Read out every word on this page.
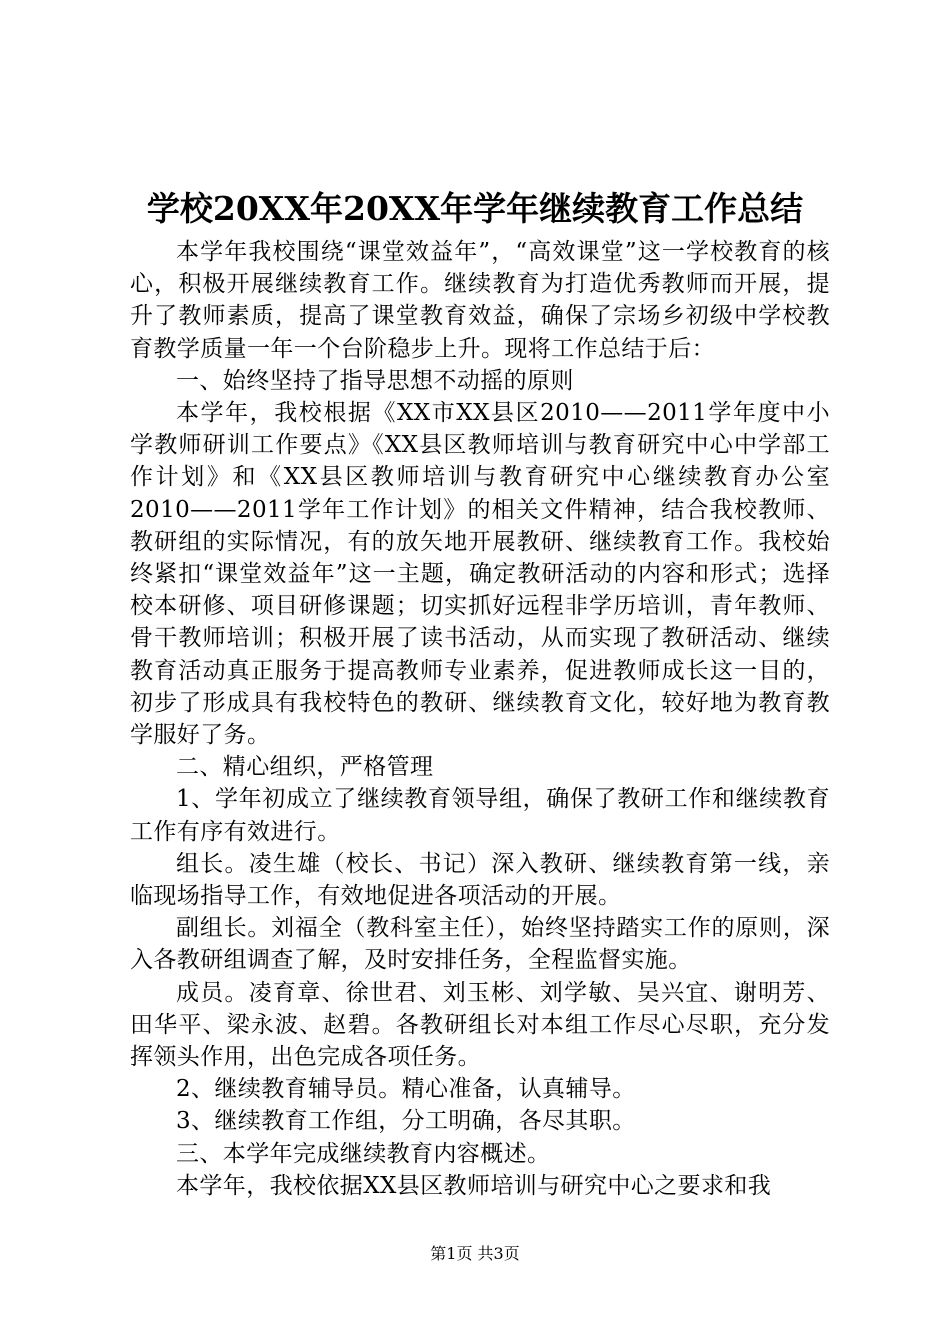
学校20XX年20XX年学年继续教育工作总结

本学年我校围绕“课堂效益年”，“高效课堂”这一学校教育的核心，积极开展继续教育工作。继续教育为打造优秀教师而开展，提升了教师素质，提高了课堂教育效益，确保了宗场乡初级中学校教育教学质量一年一个台阶稳步上升。现将工作总结于后：

一、始终坚持了指导思想不动摇的原则

本学年，我校根据《XX市XX县区2010——2011学年度中小学教师研训工作要点》《XX县区教师培训与教育研究中心中学部工作计划》和《XX县区教师培训与教育研究中心继续教育办公室2010——2011学年工作计划》的相关文件精神，结合我校教师、教研组的实际情况，有的放矢地开展教研、继续教育工作。我校始终紧扣“课堂效益年”这一主题，确定教研活动的内容和形式；选择校本研修、项目研修课题；切实抓好远程非学历培训，青年教师、骨干教师培训；积极开展了读书活动，从而实现了教研活动、继续教育活动真正服务于提高教师专业素养，促进教师成长这一目的，初步了形成具有我校特色的教研、继续教育文化，较好地为教育教学服好了务。

二、精心组织，严格管理

1、学年初成立了继续教育领导组，确保了教研工作和继续教育工作有序有效进行。

组长。凌生雄（校长、书记）深入教研、继续教育第一线，亲临现场指导工作，有效地促进各项活动的开展。

副组长。刘福全（教科室主任），始终坚持踏实工作的原则，深入各教研组调查了解，及时安排任务，全程监督实施。

成员。凌育章、徐世君、刘玉彬、刘学敏、吴兴宜、谢明芳、田华平、梁永波、赵碧。各教研组长对本组工作尽心尽职，充分发挥领头作用，出色完成各项任务。

2、继续教育辅导员。精心准备，认真辅导。

3、继续教育工作组，分工明确，各尽其职。

三、本学年完成继续教育内容概述。

本学年，我校依据XX县区教师培训与研究中心之要求和我

第1页 共3页
